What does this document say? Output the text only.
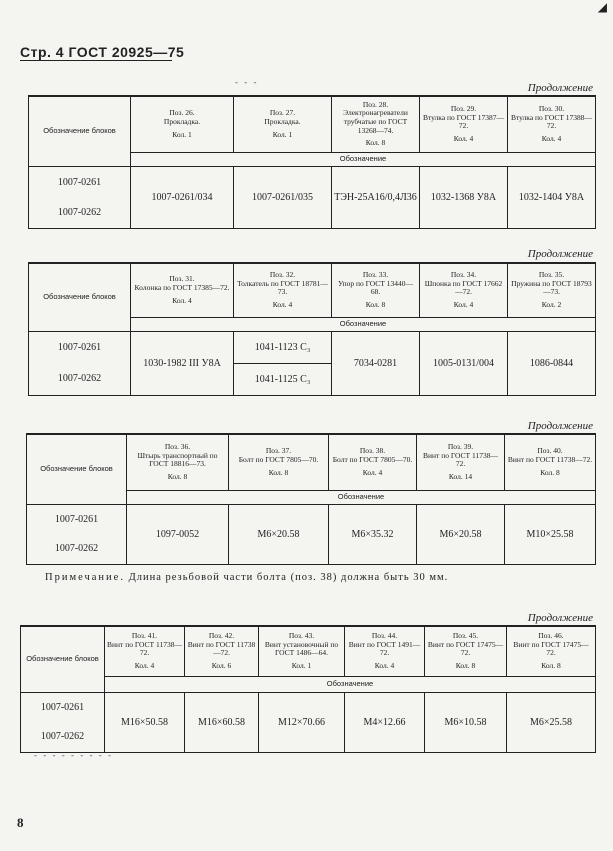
◢
Стр. 4 ГОСТ 20925—75
- - -	Продолжение
Обозначение блоков	Поз. 26.
Прокладка.
Кол. 1	Поз. 27.
Прокладка.
Кол. 1	Поз. 28.
Электронагреватели трубчатые по ГОСТ 13268—74.
Кол. 8	Поз. 29.
Втулка по ГОСТ 17387—72.
Кол. 4	Поз. 30.
Втулка по ГОСТ 17388—72.
Кол. 4

	Обозначение				
1007-0261	1007-0261/034	1007-0261/035	ТЭН-25А16/0,4Л36	1032-1368 У8А	1032-1404 У8А
1007-0262					
Продолжение
Обозначение блоков	Поз. 31.
Колонка по ГОСТ 17385—72.
Кол. 4	Поз. 32.
Толкатель по ГОСТ 18781—73.
Кол. 4	Поз. 33.
Упор по ГОСТ 13440—68.
Кол. 8	Поз. 34.
Шпонка по ГОСТ 17662—72.
Кол. 4	Поз. 35.
Пружина по ГОСТ 18793—73.
Кол. 2

	Обозначение				
1007-0261	1030-1982 III У8А	1041-1123 С₃	7034-0281	1005-0131/004	1086-0844
1007-0262		1041-1125 С₃			
Продолжение
Обозначение блоков	Поз. 36.
Штырь транспортный по ГОСТ 18816—73.
Кол. 8	Поз. 37.
Болт по ГОСТ 7805—70.
Кол. 8	Поз. 38.
Болт по ГОСТ 7805—70.
Кол. 4	Поз. 39.
Винт по ГОСТ 11738—72.
Кол. 14	Поз. 40.
Винт по ГОСТ 11738—72.
Кол. 8

	Обозначение				
1007-0261	1097-0052	М6×20.58	М6×35.32	М6×20.58	М10×25.58
1007-0262					
Примечание. Длина резьбовой части болта (поз. 38) должна быть 30 мм.
Продолжение
Обозначение блоков	Поз. 41.
Винт по ГОСТ 11738—72.
Кол. 4	Поз. 42.
Винт по ГОСТ 11738—72.
Кол. 6	Поз. 43.
Винт установочный по ГОСТ 1486—64.
Кол. 1	Поз. 44.
Винт по ГОСТ 1491—72.
Кол. 4	Поз. 45.
Винт по ГОСТ 17475—72.
Кол. 8	Поз. 46.
Винт по ГОСТ 17475—72.
Кол. 8

	Обозначение					
1007-0261	М16×50.58	М16×60.58	М12×70.66	М4×12.66	М6×10.58	М6×25.58
1007-0262						
- - - - - - - - -
8
